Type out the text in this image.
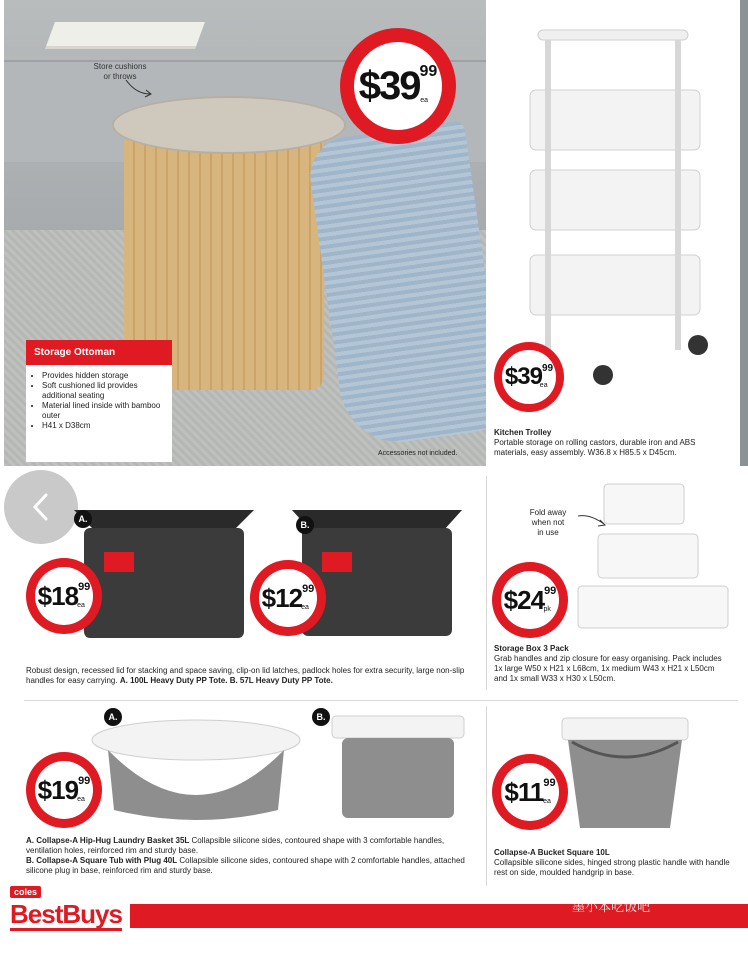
Store cushions
or throws
Storage Ottoman
• Provides hidden storage
• Soft cushioned lid provides additional seating
• Material lined inside with bamboo outer
• H41 x D38cm
Accessories not included.
$39 99
ea
$39 99
ea
Kitchen Trolley
Portable storage on rolling castors, durable iron and ABS materials, easy assembly. W36.8 x H85.5 x D45cm.
A.
$18 99
ea
B.
$12 99
ea
Robust design, recessed lid for stacking and space saving, clip-on lid latches, padlock holes for extra security, large non-slip handles for easy carrying. A. 100L Heavy Duty PP Tote. B. 57L Heavy Duty PP Tote.
Fold away
when not
in use
$24 99
pk
Storage Box 3 Pack
Grab handles and zip closure for easy organising. Pack includes 1x large W50 x H21 x L68cm, 1x medium W43 x H21 x L50cm and 1x small W33 x H30 x L50cm.
A.	B.
$19 99
ea
A. Collapse-A Hip-Hug Laundry Basket 35L Collapsible silicone sides, contoured shape with 3 comfortable handles, ventilation holes, reinforced rim and sturdy base.
B. Collapse-A Square Tub with Plug 40L Collapsible silicone sides, contoured shape with 2 comfortable handles, attached silicone plug in base, reinforced rim and sturdy base.
$11 99
ea
Collapse-A Bucket Square 10L
Collapsible silicone sides, hinged strong plastic handle with handle rest on side, moulded handgrip in base.
coles
BestBuys	墨小本吃饭吧
